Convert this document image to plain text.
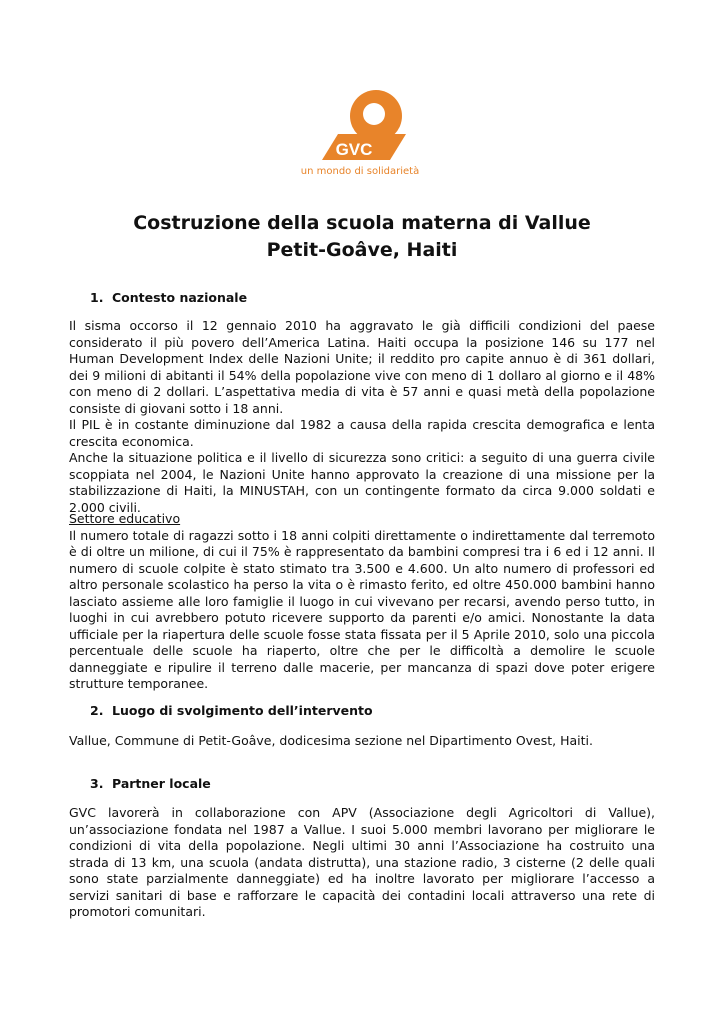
GVC
un mondo di solidarietà
Costruzione della scuola materna di Vallue
Petit-Goâve, Haiti
1. Contesto nazionale
Il sisma occorso il 12 gennaio 2010 ha aggravato le già difficili condizioni del paese considerato il più povero dell’America Latina. Haiti occupa la posizione 146 su 177 nel Human Development Index delle Nazioni Unite; il reddito pro capite annuo è di 361 dollari, dei 9 milioni di abitanti il 54% della popolazione vive con meno di 1 dollaro al giorno e il 48% con meno di 2 dollari. L’aspettativa media di vita è 57 anni e quasi metà della popolazione consiste di giovani sotto i 18 anni.
Il PIL è in costante diminuzione dal 1982 a causa della rapida crescita demografica e lenta crescita economica.
Anche la situazione politica e il livello di sicurezza sono critici: a seguito di una guerra civile scoppiata nel 2004, le Nazioni Unite hanno approvato la creazione di una missione per la stabilizzazione di Haiti, la MINUSTAH, con un contingente formato da circa 9.000 soldati e 2.000 civili.
Settore educativo
Il numero totale di ragazzi sotto i 18 anni colpiti direttamente o indirettamente dal terremoto è di oltre un milione, di cui il 75% è rappresentato da bambini compresi tra i 6 ed i 12 anni. Il numero di scuole colpite è stato stimato tra 3.500 e 4.600. Un alto numero di professori ed altro personale scolastico ha perso la vita o è rimasto ferito, ed oltre 450.000 bambini hanno lasciato assieme alle loro famiglie il luogo in cui vivevano per recarsi, avendo perso tutto, in luoghi in cui avrebbero potuto ricevere supporto da parenti e/o amici. Nonostante la data ufficiale per la riapertura delle scuole fosse stata fissata per il 5 Aprile 2010, solo una piccola percentuale delle scuole ha riaperto, oltre che per le difficoltà a demolire le scuole danneggiate e ripulire il terreno dalle macerie, per mancanza di spazi dove poter erigere strutture temporanee.
2. Luogo di svolgimento dell’intervento
Vallue, Commune di Petit-Goâve, dodicesima sezione nel Dipartimento Ovest, Haiti.
3. Partner locale
GVC lavorerà in collaborazione con APV (Associazione degli Agricoltori di Vallue), un’associazione fondata nel 1987 a Vallue. I suoi 5.000 membri lavorano per migliorare le condizioni di vita della popolazione. Negli ultimi 30 anni l’Associazione ha costruito una strada di 13 km, una scuola (andata distrutta), una stazione radio, 3 cisterne (2 delle quali sono state parzialmente danneggiate) ed ha inoltre lavorato per migliorare l’accesso a servizi sanitari di base e rafforzare le capacità dei contadini locali attraverso una rete di promotori comunitari.
